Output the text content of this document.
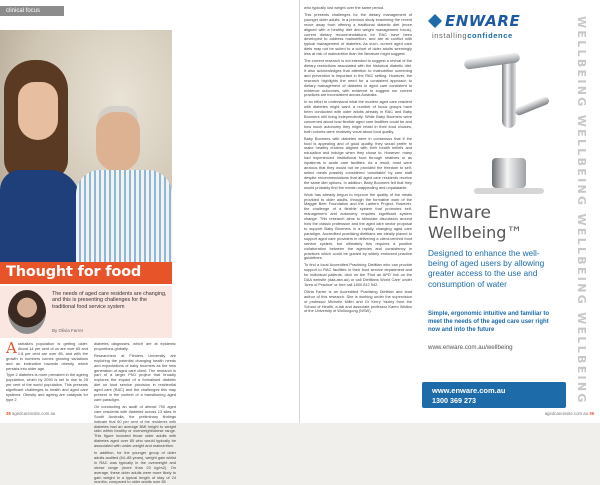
clinical focus
Thought for food
The needs of aged care residents are changing, and this is presenting challenges for the traditional food service system
By Olivia Farrer

Australia's population is getting older. About 14 per cent of us are over 65 and 1.8 per cent are over 85, and with the growth in numbers comes growing variations and an inclination towards obesity, which persists into older age.

Type 2 diabetes is more prevalent in the ageing population, which by 2050 is set to rise to 25 per cent of the world population. This presents significant challenges to health and aged care systems. Obesity and ageing are catalysts for type 2

diabetes diagnoses, which are at epidemic proportions globally.

Researchers at Flinders University are exploring the potential changing health needs and expectations of baby boomers as the new generation of aged care client. The research is part of a larger PhD project that broadly explores the impact of a formalised diabetic diet on food service provision in residential aged care (RAC) and the challenges this may present in the context of a transitioning aged care paradigm.

On conducting an audit of almost 700 aged care residents with diabetes across 13 sites in South Australia, the preliminary findings indicate that 60 per cent of the residents with diabetes had an average BMI height to weight ratio within healthy or overweight/obese range. This figure included those older adults with diabetes aged over 85 who would typically be associated with under-weight and malnutrition.

In addition, for the younger group of older adults audited (64–85 years), weight gain whilst in RAC was typically in the overweight and obese range (more than 20 kg/m2). On average, these older adults were more likely to gain weight in a typical length of stay of 24 months, compared to older adults over 85

38 agedcareinsite.com.au

who typically lost weight over the same period.

This presents challenges for the dietary management of younger older adults. In a previous study examining the recent move away from offering a traditional diabetic diet (more aligned with a healthy diet and weight management focus), current dietary recommendations for RAC have been developed to address malnutrition, and are at conflict with typical management of diabetes. As such, current aged care diets may not be suited to a cohort of older adults seemingly less at risk of malnutrition than the literature might suggest.

The current research is not intended to suggest a revival of the dietary restrictions associated with the historical diabetic diet. It also acknowledges that attention to malnutrition screening and prevention is important in the RAC setting. However, the research highlights the need for a consistent approach to dietary management of diabetes in aged care consistent to evidence outcomes, with evidence to suggest our current practices are inconsistent across Australia.

In an effort to understand what the modern aged care resident with diabetes might want, a number of focus groups have been conducted with older adults already in RAC and Baby Boomers still living independently. While Baby Boomers were concerned about how flexible aged care facilities could be and how much autonomy they might retain in their food choices, both cohorts were relatively vocal about food quality.

Baby Boomers with diabetes were in consensus that if the food is appealing and of good quality, they would prefer to make healthy choices aligned with their health beliefs and education and indulge when they chose to. However, many had experienced institutional food through relatives or as inpatients in acute care facilities. As a result, most were anxious that they would not be provided the freedom to self-select meals possibly considered 'unsuitable' by care staff despite recommendations that all aged care residents receive the same diet options. In addition, Baby Boomers felt that they would probably find the meals unappealing and unpalatable.

Work has already begun to improve the quality of the meals provided to older adults, through the formative work of the Maggie Beer Foundation and the Lantern Project. However, the challenge of a flexible system that promotes self-management and autonomy requires significant system change. This research aims to stimulate discussion around how the classic profession and the aged care sector proposal to support Baby Boomers in a rapidly changing aged care paradigm. Accredited practising dietitians are ideally placed to support aged care providers in delivering a client-centred food service system, but ultimately this requires a positive collaboration between the agencies and consistency in practices which could be guided by widely endorsed practice guidelines.

To find a local Accredited Practising Dietitian who can provide support to RAC facilities in their food service department and for individual patients, click on the 'Find an APD' link on the DAA website (daa.asn.au) or call Dietitians World Care' under 'Area of Practice' or free call 1800 812 942.

Olivia Farrer is an Accredited Practising Dietitian and lead author of this research. She is working under the supervision of professor Michelle Miller and Dr Kerry Yaxley from the School of Health, a-lab and associate professor Karen Walton of the University of Wollongong (NSW).

ENWARE
installingconfidence
Enware
Wellbeing™
Designed to enhance the well-being of aged users by allowing greater access to the use and consumption of water
Simple, ergonomic intuitive and familiar to meet the needs of the aged care user right now and into the future
www.enware.com.au/wellbeing
www.enware.com.au
1300 369 273	WELLBEING WELLBEING WELLBEING WELLBEING
agedcareinsite.com.au 39
